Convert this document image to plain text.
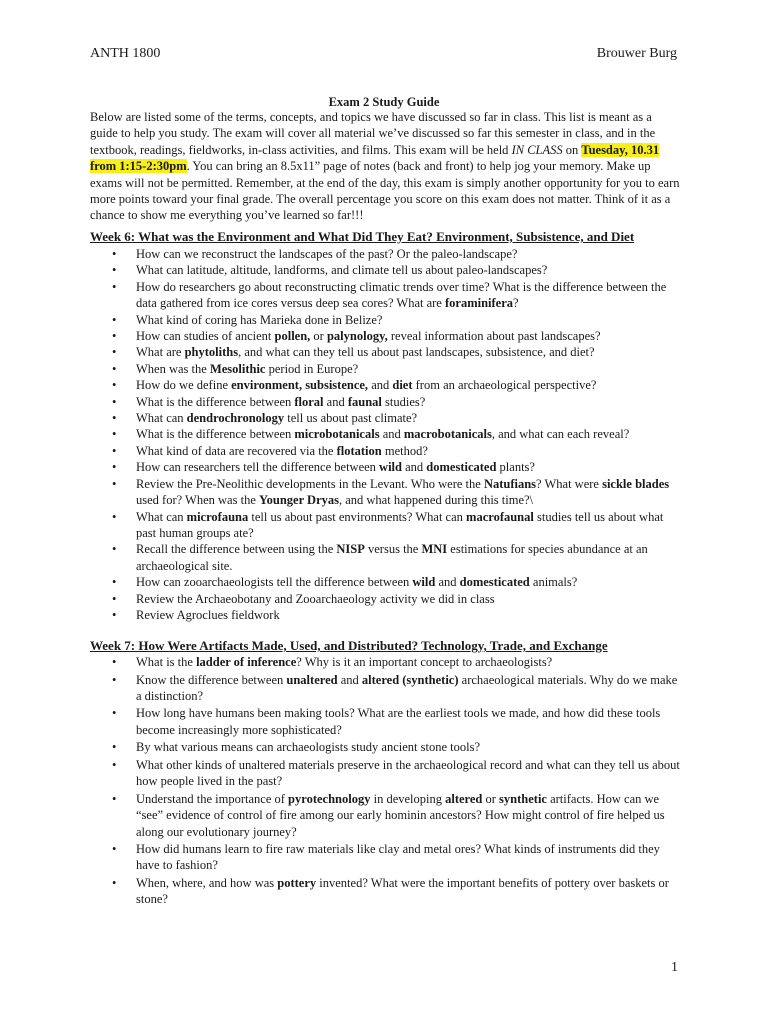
ANTH 1800	Brouwer Burg
Exam 2 Study Guide
Below are listed some of the terms, concepts, and topics we have discussed so far in class. This list is meant as a guide to help you study. The exam will cover all material we’ve discussed so far this semester in class, and in the textbook, readings, fieldworks, in-class activities, and films. This exam will be held IN CLASS on Tuesday, 10.31 from 1:15-2:30pm. You can bring an 8.5x11” page of notes (back and front) to help jog your memory. Make up exams will not be permitted. Remember, at the end of the day, this exam is simply another opportunity for you to earn more points toward your final grade. The overall percentage you score on this exam does not matter. Think of it as a chance to show me everything you’ve learned so far!!!
Week 6: What was the Environment and What Did They Eat? Environment, Subsistence, and Diet
• How can we reconstruct the landscapes of the past? Or the paleo-landscape?
• What can latitude, altitude, landforms, and climate tell us about paleo-landscapes?
• How do researchers go about reconstructing climatic trends over time? What is the difference between the data gathered from ice cores versus deep sea cores? What are foraminifera?
• What kind of coring has Marieka done in Belize?
• How can studies of ancient pollen, or palynology, reveal information about past landscapes?
• What are phytoliths, and what can they tell us about past landscapes, subsistence, and diet?
• When was the Mesolithic period in Europe?
• How do we define environment, subsistence, and diet from an archaeological perspective?
• What is the difference between floral and faunal studies?
• What can dendrochronology tell us about past climate?
• What is the difference between microbotanicals and macrobotanicals, and what can each reveal?
• What kind of data are recovered via the flotation method?
• How can researchers tell the difference between wild and domesticated plants?
• Review the Pre-Neolithic developments in the Levant. Who were the Natufians? What were sickle blades used for? When was the Younger Dryas, and what happened during this time?\
• What can microfauna tell us about past environments? What can macrofaunal studies tell us about what past human groups ate?
• Recall the difference between using the NISP versus the MNI estimations for species abundance at an archaeological site.
• How can zooarchaeologists tell the difference between wild and domesticated animals?
• Review the Archaeobotany and Zooarchaeology activity we did in class
• Review Agroclues fieldwork
Week 7: How Were Artifacts Made, Used, and Distributed? Technology, Trade, and Exchange
• What is the ladder of inference? Why is it an important concept to archaeologists?
• Know the difference between unaltered and altered (synthetic) archaeological materials. Why do we make a distinction?
• How long have humans been making tools? What are the earliest tools we made, and how did these tools become increasingly more sophisticated?
• By what various means can archaeologists study ancient stone tools?
• What other kinds of unaltered materials preserve in the archaeological record and what can they tell us about how people lived in the past?
• Understand the importance of pyrotechnology in developing altered or synthetic artifacts. How can we “see” evidence of control of fire among our early hominin ancestors? How might control of fire helped us along our evolutionary journey?
• How did humans learn to fire raw materials like clay and metal ores? What kinds of instruments did they have to fashion?
• When, where, and how was pottery invented? What were the important benefits of pottery over baskets or stone?
1
